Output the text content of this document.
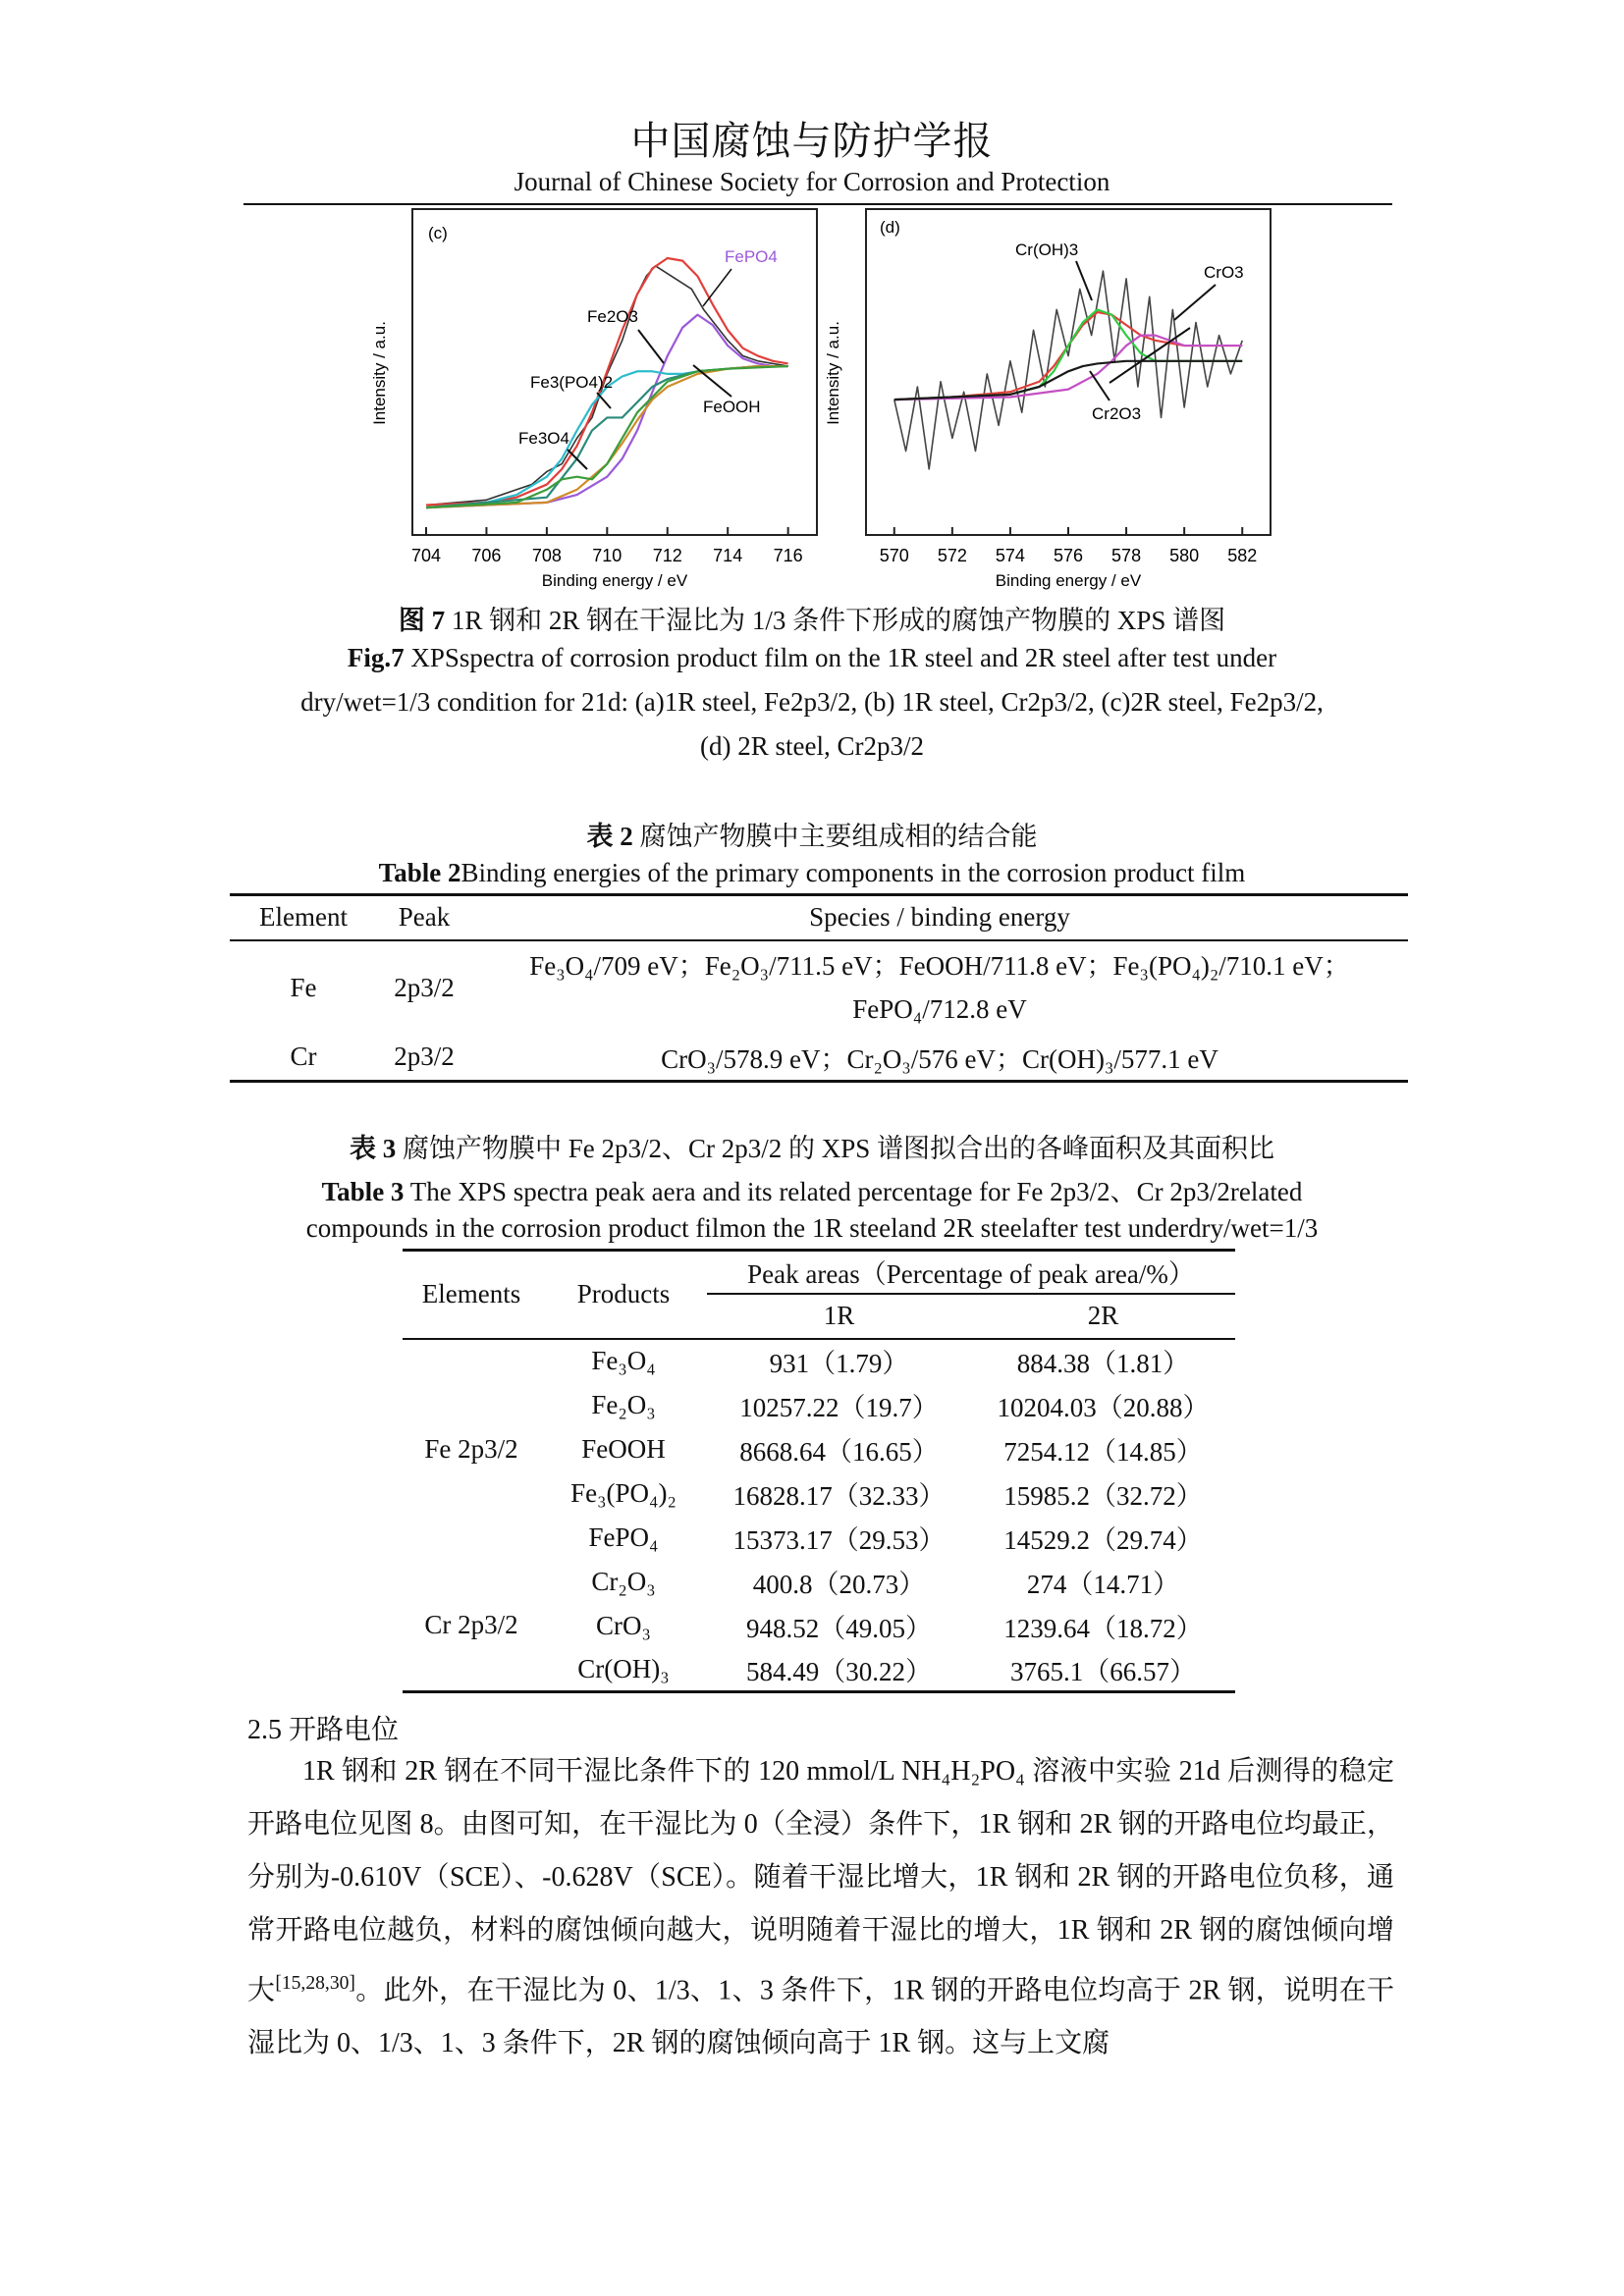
中国腐蚀与防护学报
Journal of Chinese Society for Corrosion and Protection
(c)
Intensity / a.u.
Binding energy / eV
704 706 708 710 712 714 716
FePO4
Fe2O3
Fe3(PO4)2
FeOOH
Fe3O4
(d)
Intensity / a.u.
Binding energy / eV
570 572 574 576 578 580 582
Cr(OH)3
CrO3
Cr2O3
图 7 1R 钢和 2R 钢在干湿比为 1/3 条件下形成的腐蚀产物膜的 XPS 谱图
Fig.7 XPSspectra of corrosion product film on the 1R steel and 2R steel after test under
dry/wet=1/3 condition for 21d: (a)1R steel, Fe2p3/2, (b) 1R steel, Cr2p3/2, (c)2R steel, Fe2p3/2,
(d) 2R steel, Cr2p3/2
表 2 腐蚀产物膜中主要组成相的结合能
Table 2Binding energies of the primary components in the corrosion product film
Element	Peak	Species / binding energy
Fe	2p3/2	Fe₃O₄/709 eV；Fe₂O₃/711.5 eV；FeOOH/711.8 eV；Fe₃(PO₄)₂/710.1 eV；
FePO₄/712.8 eV

Cr	2p3/2	CrO₃/578.9 eV；Cr₂O₃/576 eV；Cr(OH)₃/577.1 eV
表 3 腐蚀产物膜中 Fe 2p3/2、Cr 2p3/2 的 XPS 谱图拟合出的各峰面积及其面积比
Table 3 The XPS spectra peak aera and its related percentage for Fe 2p3/2、Cr 2p3/2related
compounds in the corrosion product filmon the 1R steeland 2R steelafter test underdry/wet=1/3
Elements	Products	Peak areas（Percentage of peak area/%）	
		1R	2R
Fe 2p3/2	Fe₃O₄	931（1.79）	884.38（1.81）
	Fe₂O₃	10257.22（19.7）	10204.03（20.88）
	FeOOH	8668.64（16.65）	7254.12（14.85）
	Fe₃(PO₄)₂	16828.17（32.33）	15985.2（32.72）
	FePO₄	15373.17（29.53）	14529.2（29.74）
Cr 2p3/2	Cr₂O₃	400.8（20.73）	274（14.71）
	CrO₃	948.52（49.05）	1239.64（18.72）
	Cr(OH)₃	584.49（30.22）	3765.1（66.57）
2.5 开路电位

1R 钢和 2R 钢在不同干湿比条件下的 120 mmol/L NH₄H₂PO₄ 溶液中实验 21d 后测得的稳定开路电位见图 8。由图可知，在干湿比为 0（全浸）条件下，1R 钢和 2R 钢的开路电位均最正，分别为-0.610V（SCE）、-0.628V（SCE）。随着干湿比增大，1R 钢和 2R 钢的开路电位负移，通常开路电位越负，材料的腐蚀倾向越大，说明随着干湿比的增大，1R 钢和 2R 钢的腐蚀倾向增大[15,28,30]。此外，在干湿比为 0、1/3、1、3 条件下，1R 钢的开路电位均高于 2R 钢，说明在干湿比为 0、1/3、1、3 条件下，2R 钢的腐蚀倾向高于 1R 钢。这与上文腐
